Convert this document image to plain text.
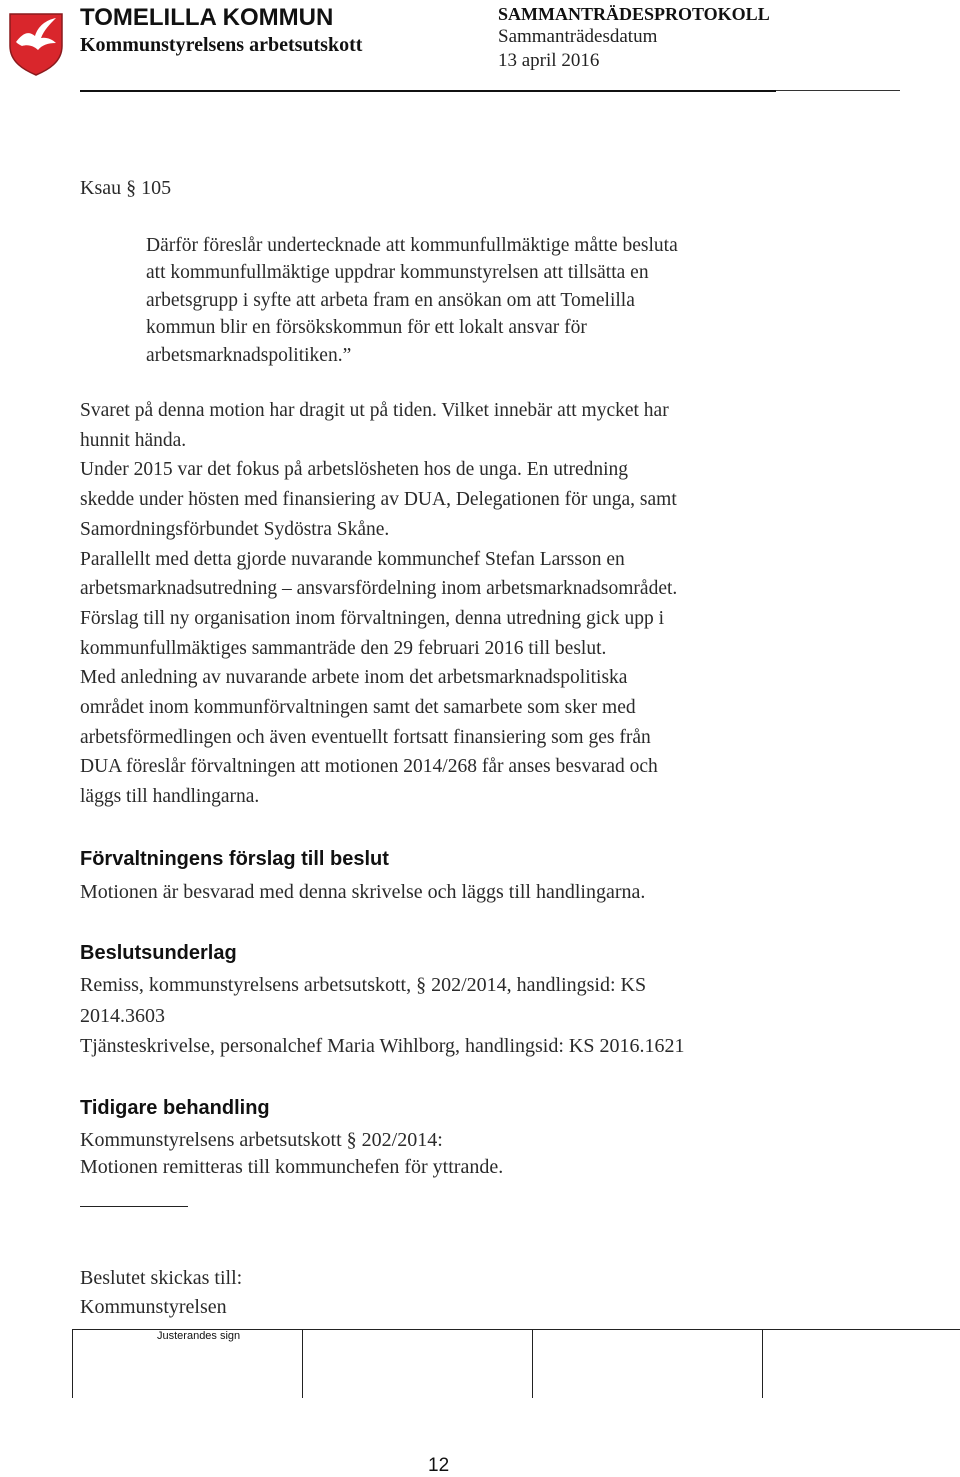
TOMELILLA KOMMUN
Kommunstyrelsens arbetsutskott
SAMMANTRÄDESPROTOKOLL
Sammanträdesdatum
13 april 2016
Ksau § 105
Därför föreslår undertecknade att kommunfullmäktige måtte besluta
att kommunfullmäktige uppdrar kommunstyrelsen att tillsätta en
arbetsgrupp i syfte att arbeta fram en ansökan om att Tomelilla
kommun blir en försökskommun för ett lokalt ansvar för
arbetsmarknadspolitiken.”
Svaret på denna motion har dragit ut på tiden. Vilket innebär att mycket har
hunnit hända.
Under 2015 var det fokus på arbetslösheten hos de unga. En utredning
skedde under hösten med finansiering av DUA, Delegationen för unga, samt
Samordningsförbundet Sydöstra Skåne.
Parallellt med detta gjorde nuvarande kommunchef Stefan Larsson en
arbetsmarknadsutredning – ansvarsfördelning inom arbetsmarknadsområdet.
Förslag till ny organisation inom förvaltningen, denna utredning gick upp i
kommunfullmäktiges sammanträde den 29 februari 2016 till beslut.
Med anledning av nuvarande arbete inom det arbetsmarknadspolitiska
området inom kommunförvaltningen samt det samarbete som sker med
arbetsförmedlingen och även eventuellt fortsatt finansiering som ges från
DUA föreslår förvaltningen att motionen 2014/268 får anses besvarad och
läggs till handlingarna.
Förvaltningens förslag till beslut
Motionen är besvarad med denna skrivelse och läggs till handlingarna.
Beslutsunderlag
Remiss, kommunstyrelsens arbetsutskott, § 202/2014, handlingsid: KS
2014.3603
Tjänsteskrivelse, personalchef Maria Wihlborg, handlingsid: KS 2016.1621
Tidigare behandling
Kommunstyrelsens arbetsutskott § 202/2014:
Motionen remitteras till kommunchefen för yttrande.
Beslutet skickas till:
Kommunstyrelsen
Justerandes sign
12
